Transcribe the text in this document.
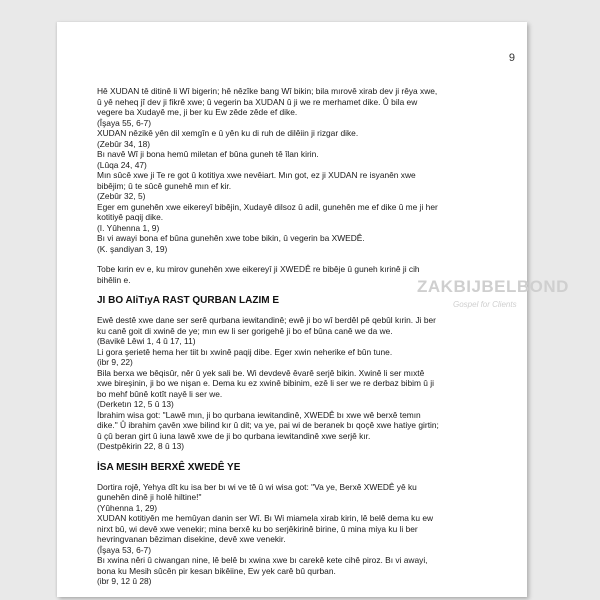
9
ZAKBIJBELBOND
Gospel for Clients

Hê XUDAN tê ditinê li Wî bigerin; hê nêzîke bang Wî bikin; bila mırovê xirab dev ji rêya xwe,

û yê neheq jî dev ji fikrê xwe; û vegerin ba XUDAN û ji we re merhamet dike. Û bila ew

vegere ba Xudayê me, ji ber ku Ew zêde zêde ef dike.

(Îşaya 55, 6-7)

XUDAN nêzikê yên dil xemgîn e û yên ku di ruh de dilêiin ji rizgar dike.

(Zebûr 34, 18)

Bı navê Wî ji bona hemû miletan ef bûna guneh tê îlan kirin.

(Lûqa 24, 47)

Mın sûcê xwe ji Te re got û kotitiya xwe nevêiart. Mın got, ez ji XUDAN re isyanên xwe

bibêjim; û te sûcê gunehê mın ef kir.

(Zebûr 32, 5)

Eger em gunehên xwe eikereyî bibêjin, Xudayê dilsoz û adil, gunehên me ef dike û me ji her

kotitiyê paqij dike.

(I. Yûhenna 1, 9)

Bı vi awayi bona ef bûna gunehên xwe tobe bikin, û vegerin ba XWEDÊ.

(K. şandiyan 3, 19)

Tobe kırin ev e, ku mirov gunehên xwe eikereyî ji XWEDÊ re bibêje û guneh kırinê ji cih

bihêlin e.

JI BO AIiTıyA RAST QURBAN LAZIM E

Ewê destê xwe dane ser serê qurbana iewitandinê; ewê ji bo wî berdêl pê qebûl kırin. Ji ber

ku canê goit di xwinê de ye; mın ew li ser gorigehê ji bo ef bûna canê we da we.

(Bavikê Lêwi 1, 4 û 17, 11)

Li gora şerietê hema her tiit bı xwinê paqij dibe. Eger xwin neherike ef bûn tune.

(ibr 9, 22)

Bila berxa we bêqisûr, nêr û yek sali be. Wi devdevê êvarê serjê bikin. Xwinê li ser mıxtê

xwe bireşinin, ji bo we nişan e. Dema ku ez xwinê bibinim, ezê li ser we re derbaz bibim û ji

bo mehf bûnê kotît nayê li ser we.

(Derketın 12, 5 û 13)

İbrahim wisa got: "Lawê mın, ji bo qurbana iewitandinê, XWEDÊ bı xwe wê berxê temın

dike." Û ibrahim çavên xwe bilind kır û dit; va ye, pai wi de beranek bı qoçê xwe hatiye girtin;

û çû beran girt û iuna lawê xwe de ji bo qurbana iewitandinê xwe serjê kır.

(Destpêkirin 22, 8 û 13)

İSA MESIH BERXÊ XWEDÊ YE

Dortira rojê, Yehya dît ku isa ber bı wi ve tê û wi wisa got: "Va ye, Berxê XWEDÊ yê ku

gunehên dinê ji holê hiltine!"

(Yûhenna 1, 29)

XUDAN kotitiyên me hemûyan danin ser Wî. Bı Wi miamela xirab kirin, lê belê dema ku ew

nirxt bû, wi devê xwe venekir; mina berxê ku bo serjêkirinê birine, û mina miya ku li ber

hevringvanan bêziman disekine, devê xwe venekir.

(Îşaya 53, 6-7)

Bı xwina nêri û ciwangan nine, lê belê bı xwina xwe bı carekê kete cihê piroz. Bı vi awayi,

bona ku Mesih sûcên pir kesan bikêiine, Ew yek carê bû qurban.

(ibr 9, 12 û 28)
